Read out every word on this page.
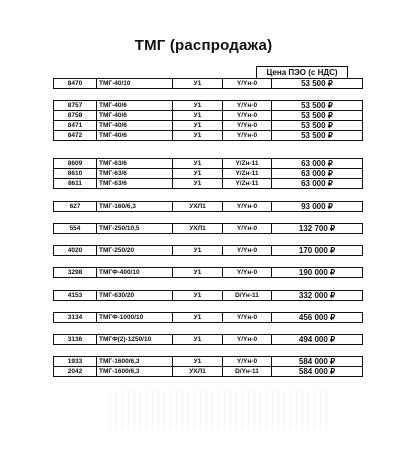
ТМГ (распродажа)
Цена ПЭО (с НДС)
8470	ТМГ-40/10	У1	Y/Yн-0	53 500 ₽
8757	ТМГ-40/6	У1	Y/Yн-0	53 500 ₽
8758	ТМГ-40/6	У1	Y/Yн-0	53 500 ₽
8471	ТМГ-40/6	У1	Y/Yн-0	53 500 ₽
8472	ТМГ-40/6	У1	Y/Yн-0	53 500 ₽
8609	ТМГ-63/6	У1	Y/Zн-11	63 000 ₽
8610	ТМГ-63/6	У1	Y/Zн-11	63 000 ₽
8611	ТМГ-63/6	У1	Y/Zн-11	63 000 ₽
627	ТМГ-160/6,3	УХЛ1	Y/Yн-0	93 000 ₽
554	ТМГ-250/10,5	УХЛ1	Y/Yн-0	132 700 ₽
4020	ТМГ-250/20	У1	Y/Yн-0	170 000 ₽
3298	ТМГФ-400/10	У1	Y/Yн-0	190 000 ₽
4153	ТМГ-630/20	У1	D/Yн-11	332 000 ₽
3134	ТМГФ-1000/10	У1	Y/Yн-0	456 000 ₽
3136	ТМГФ(2)-1250/10	У1	Y/Yн-0	494 000 ₽
1933	ТМГ-1600/6,3	У1	Y/Yн-0	584 000 ₽
2042	ТМГ-1600/6,3	УХЛ1	D/Yн-11	584 000 ₽
